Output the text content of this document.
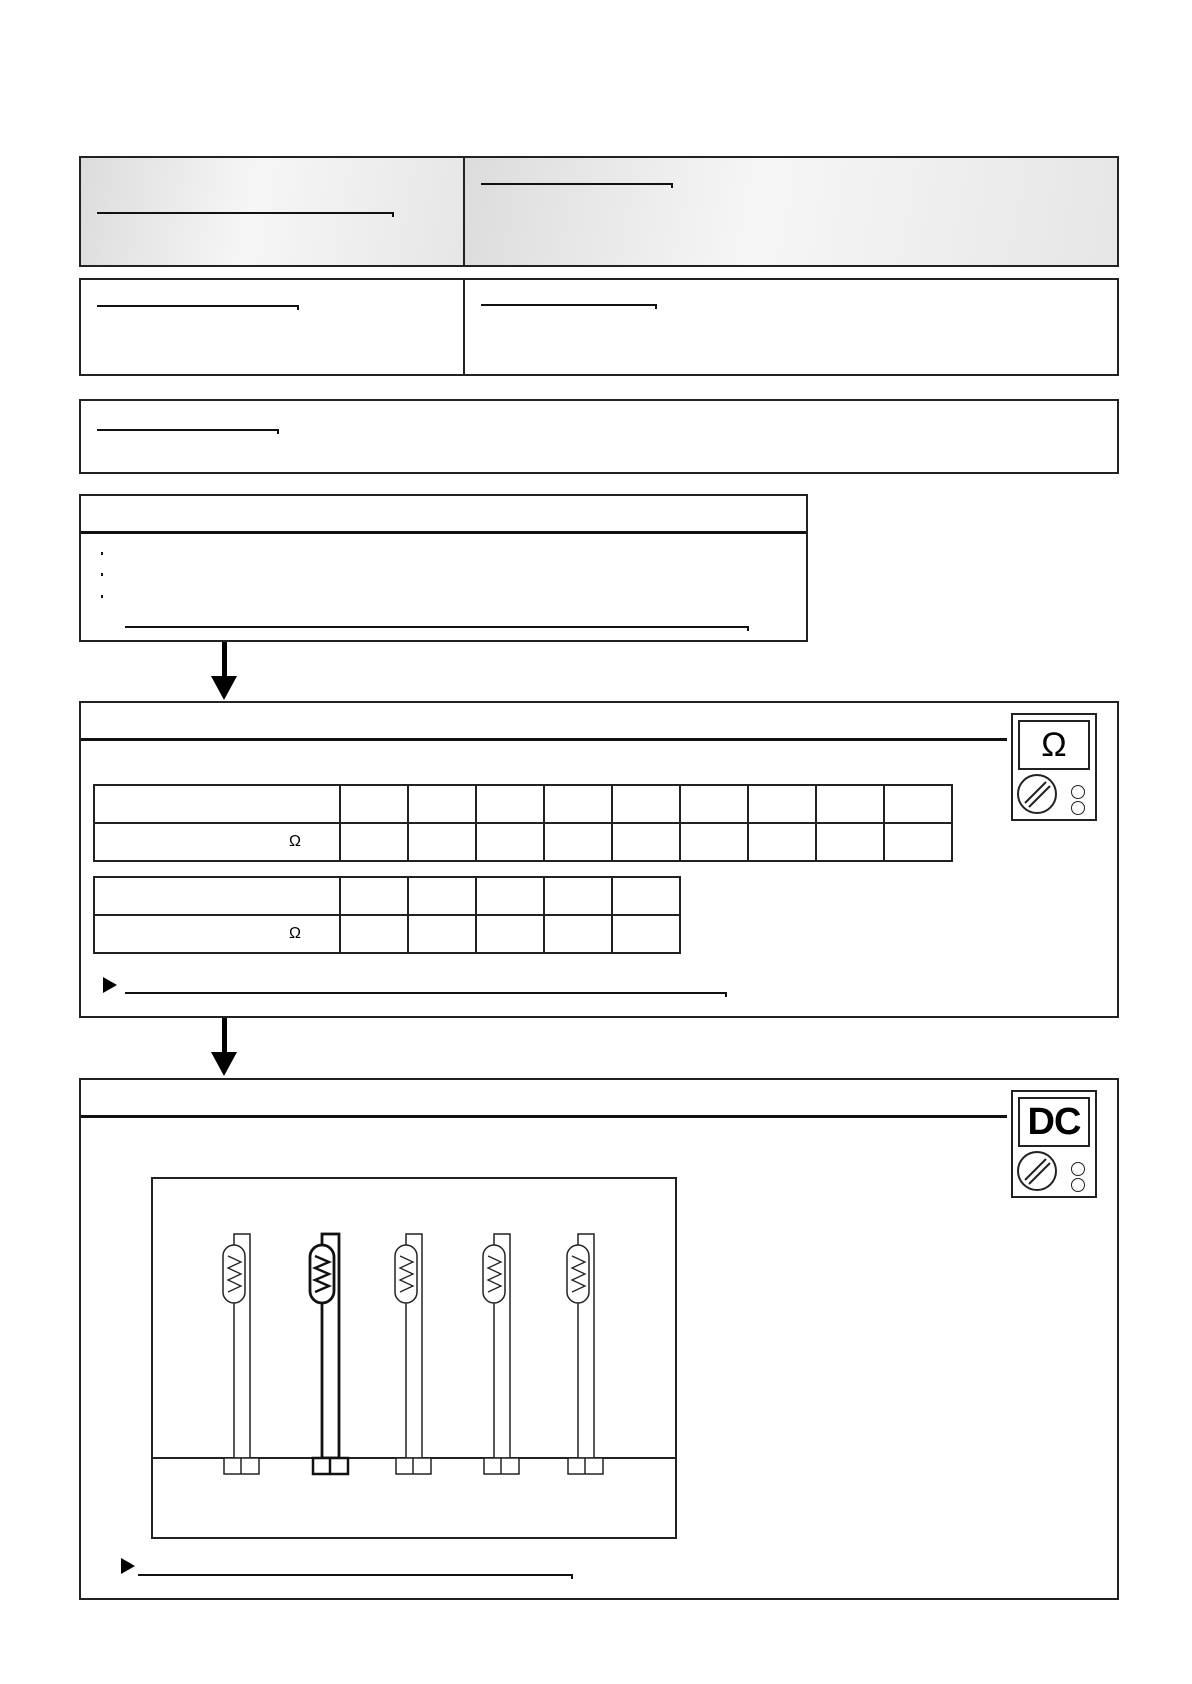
Ω									

Ω					
Ω
DC
